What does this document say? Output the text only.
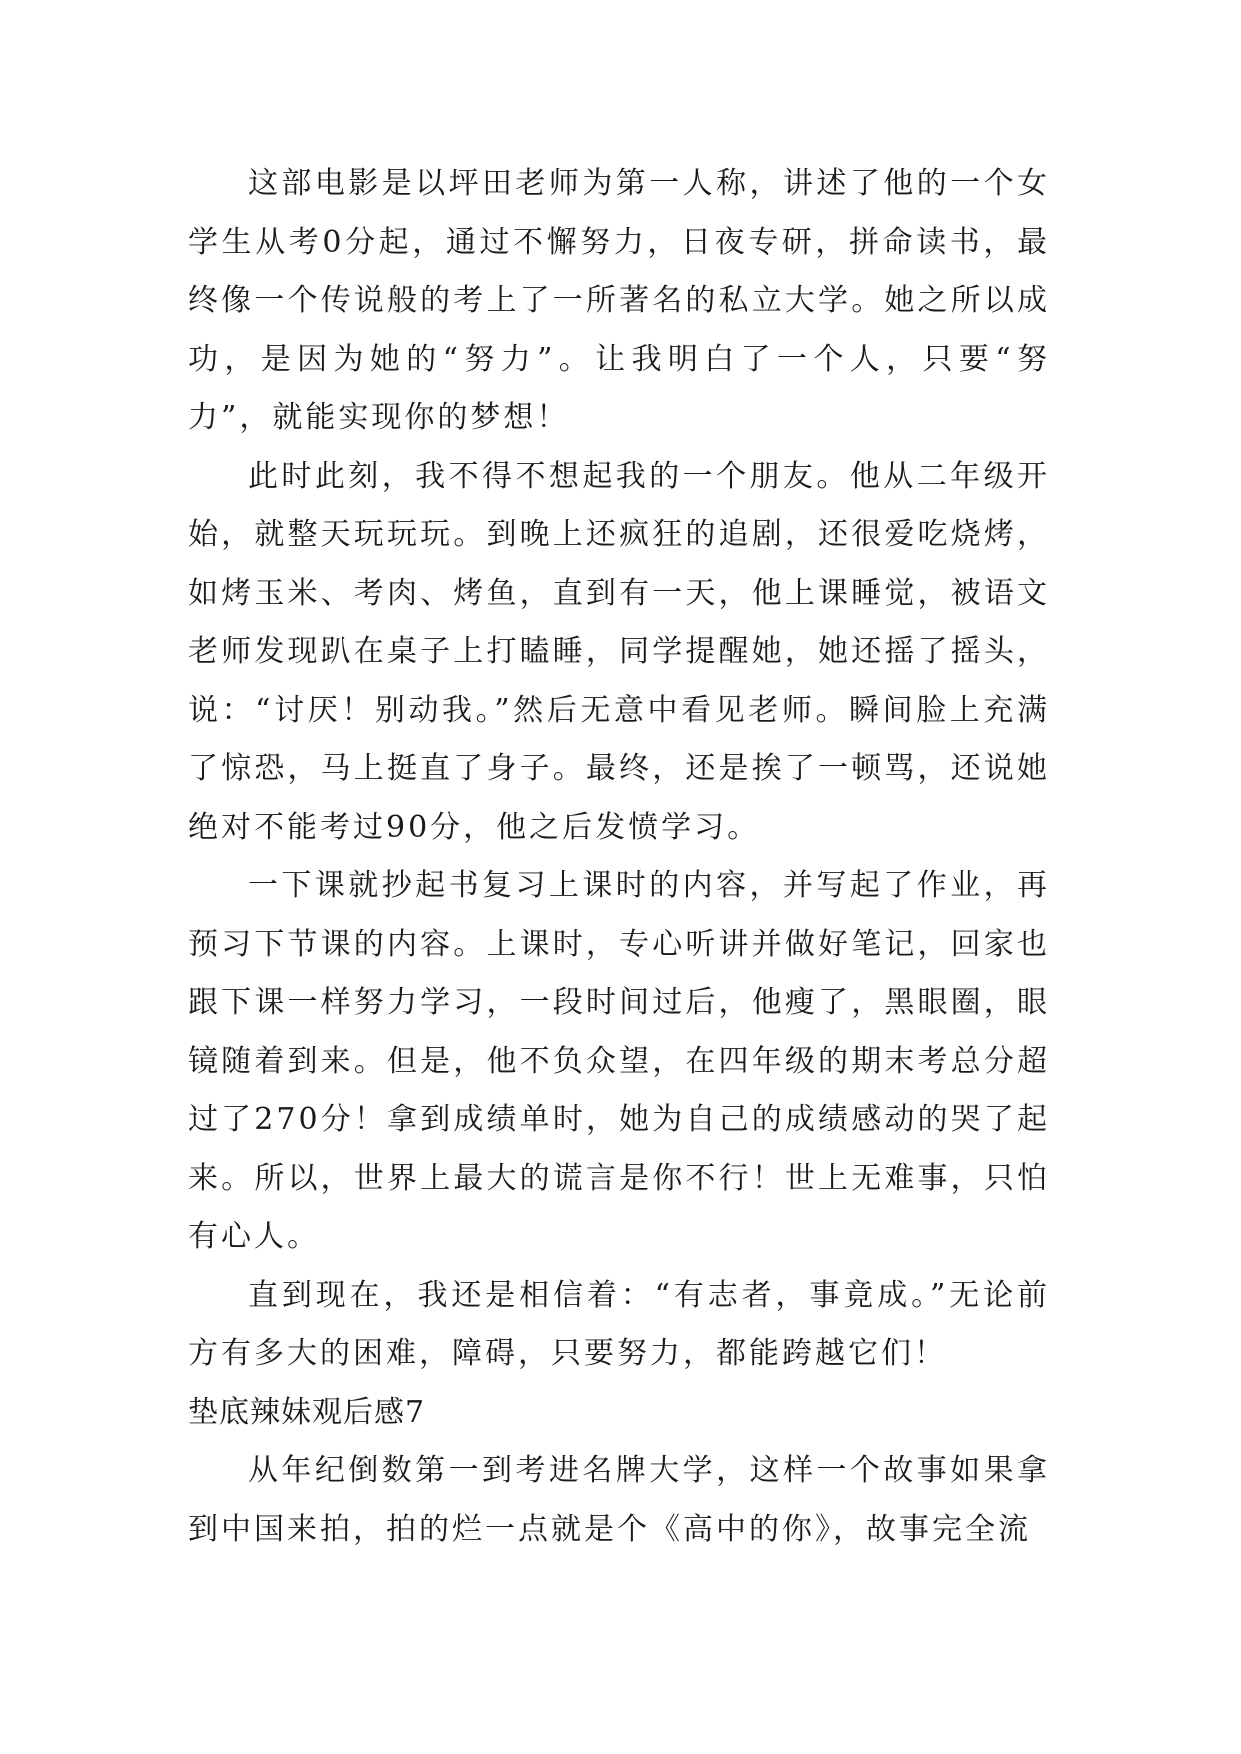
这部电影是以坪田老师为第一人称，讲述了他的一个女学生从考0分起，通过不懈努力，日夜专研，拼命读书，最终像一个传说般的考上了一所著名的私立大学。她之所以成功，是因为她的“努力”。让我明白了一个人，只要“努力”，就能实现你的梦想！

此时此刻，我不得不想起我的一个朋友。他从二年级开始，就整天玩玩玩。到晚上还疯狂的追剧，还很爱吃烧烤，如烤玉米、考肉、烤鱼，直到有一天，他上课睡觉，被语文老师发现趴在桌子上打瞌睡，同学提醒她，她还摇了摇头，说：“讨厌！别动我。”然后无意中看见老师。瞬间脸上充满了惊恐，马上挺直了身子。最终，还是挨了一顿骂，还说她绝对不能考过90分，他之后发愤学习。

一下课就抄起书复习上课时的内容，并写起了作业，再预习下节课的内容。上课时，专心听讲并做好笔记，回家也跟下课一样努力学习，一段时间过后，他瘦了，黑眼圈，眼镜随着到来。但是，他不负众望，在四年级的期末考总分超过了270分！拿到成绩单时，她为自己的成绩感动的哭了起来。所以，世界上最大的谎言是你不行！世上无难事，只怕有心人。

直到现在，我还是相信着：“有志者，事竟成。”无论前方有多大的困难，障碍，只要努力，都能跨越它们！

垫底辣妹观后感7

从年纪倒数第一到考进名牌大学，这样一个故事如果拿到中国来拍，拍的烂一点就是个《高中的你》，故事完全流
